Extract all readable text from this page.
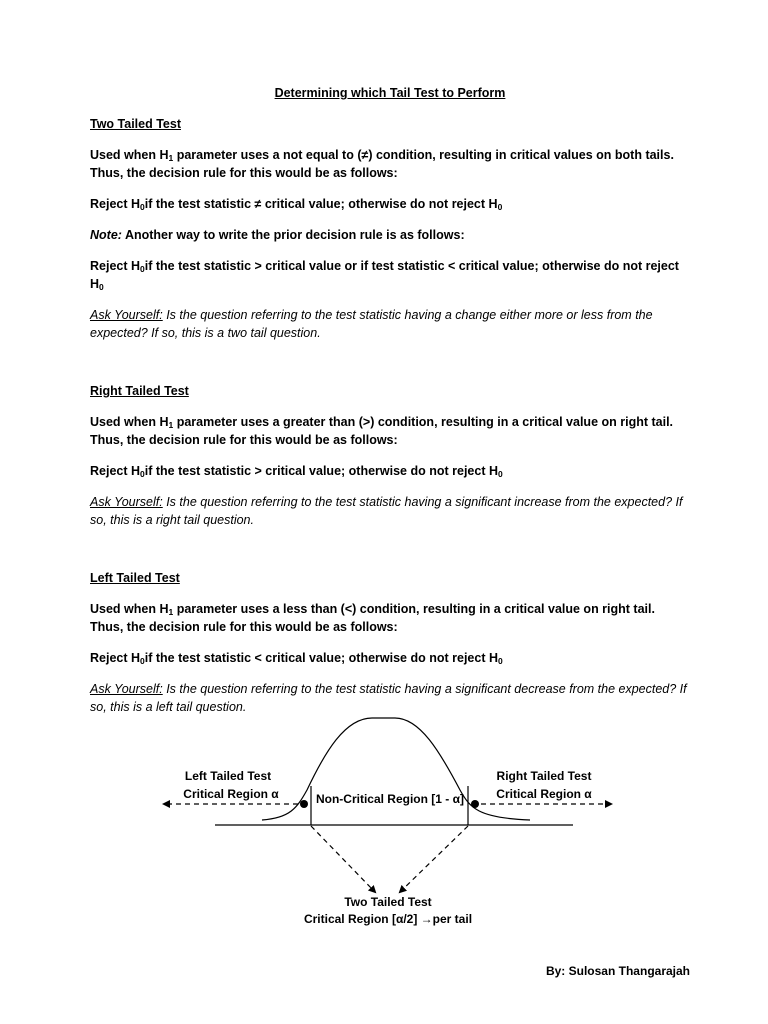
Determining which Tail Test to Perform

Two Tailed Test

Used when $H_1$ parameter uses a not equal to (≠) condition, resulting in critical values on both tails. Thus, the decision rule for this would be as follows:

Reject $H_0if$ the test statistic ≠ critical value; otherwise do not reject $H_0$

Note: Another way to write the prior decision rule is as follows:

Reject $H_0if$ the test statistic > critical value or if test statistic < critical value; otherwise do not reject $H_0$

Ask Yourself: Is the question referring to the test statistic having a change either more or less from the expected? If so, this is a two tail question.

Right Tailed Test

Used when $H_1$ parameter uses a greater than (>) condition, resulting in a critical value on right tail. Thus, the decision rule for this would be as follows:

Reject $H_0if$ the test statistic > critical value; otherwise do not reject $H_0$

Ask Yourself: Is the question referring to the test statistic having a significant increase from the expected? If so, this is a right tail question.

Left Tailed Test

Used when $H_1$ parameter uses a less than (<) condition, resulting in a critical value on right tail. Thus, the decision rule for this would be as follows:

Reject $H_0if$ the test statistic < critical value; otherwise do not reject $H_0$

Ask Yourself: Is the question referring to the test statistic having a significant decrease from the expected? If so, this is a left tail question.

Left Tailed Test
Critical Region α
Right Tailed Test
Critical Region α
Non-Critical Region [1 - α]
Two Tailed Test
Critical Region [α/2] →per tail
By: Sulosan Thangarajah
